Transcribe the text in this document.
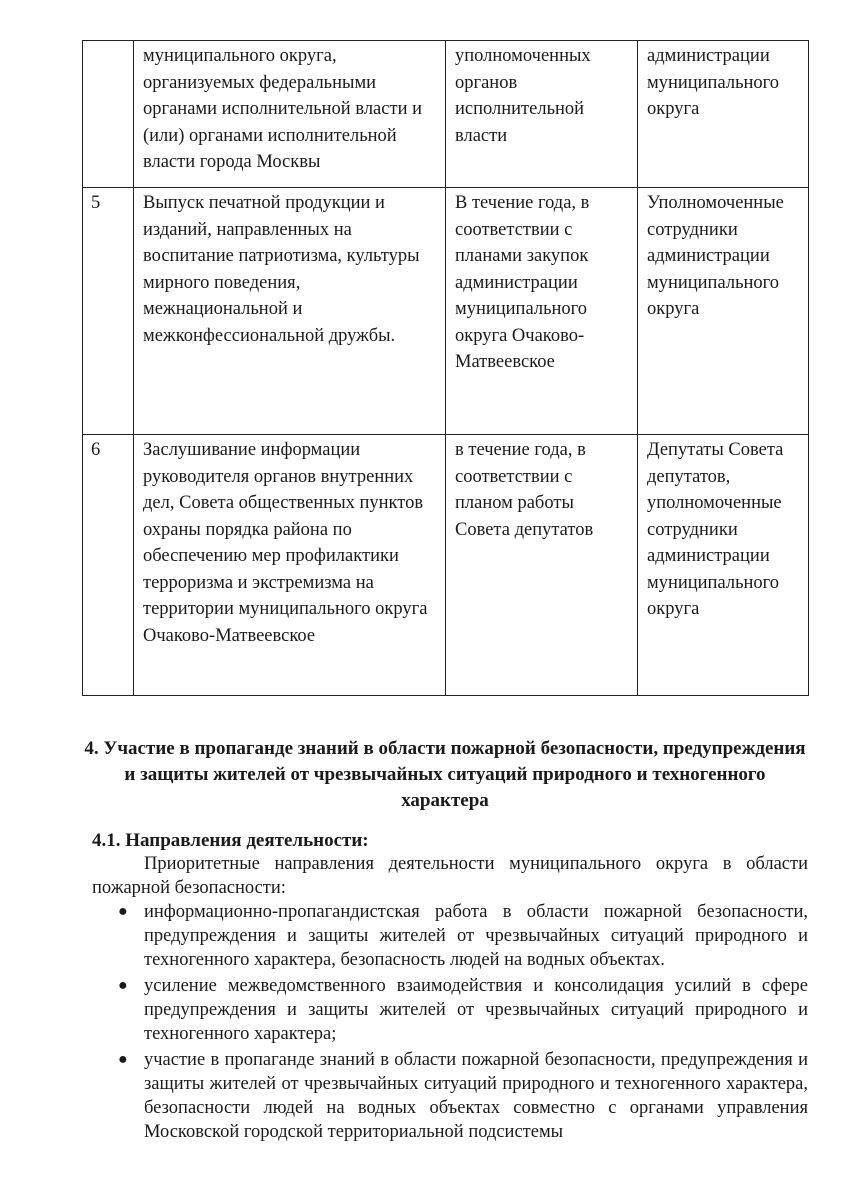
	муниципального округа, организуемых федеральными органами исполнительной власти и (или) органами исполнительной власти города Москвы	уполномоченных органов исполнительной власти	администрации муниципального округа
5	Выпуск печатной продукции и изданий, направленных на воспитание патриотизма, культуры мирного поведения, межнациональной и межконфессиональной дружбы.	В течение года, в соответствии с планами закупок администрации муниципального округа Очаково-Матвеевское	Уполномоченные сотрудники администрации муниципального округа
6	Заслушивание информации руководителя органов внутренних дел, Совета общественных пунктов охраны порядка района по обеспечению мер профилактики терроризма и экстремизма на территории муниципального округа Очаково-Матвеевское	в течение года, в соответствии с планом работы Совета депутатов	Депутаты Совета депутатов, уполномоченные сотрудники администрации муниципального округа
4. Участие в пропаганде знаний в области пожарной безопасности, предупреждения и защиты жителей от чрезвычайных ситуаций природного и техногенного характера
4.1. Направления деятельности:

Приоритетные направления деятельности муниципального округа в области пожарной безопасности:

● информационно-пропагандистская работа в области пожарной безопасности, предупреждения и защиты жителей от чрезвычайных ситуаций природного и техногенного характера, безопасность людей на водных объектах.
● усиление межведомственного взаимодействия и консолидация усилий в сфере предупреждения и защиты жителей от чрезвычайных ситуаций природного и техногенного характера;
● участие в пропаганде знаний в области пожарной безопасности, предупреждения и защиты жителей от чрезвычайных ситуаций природного и техногенного характера, безопасности людей на водных объектах совместно с органами управления Московской городской территориальной подсистемы
